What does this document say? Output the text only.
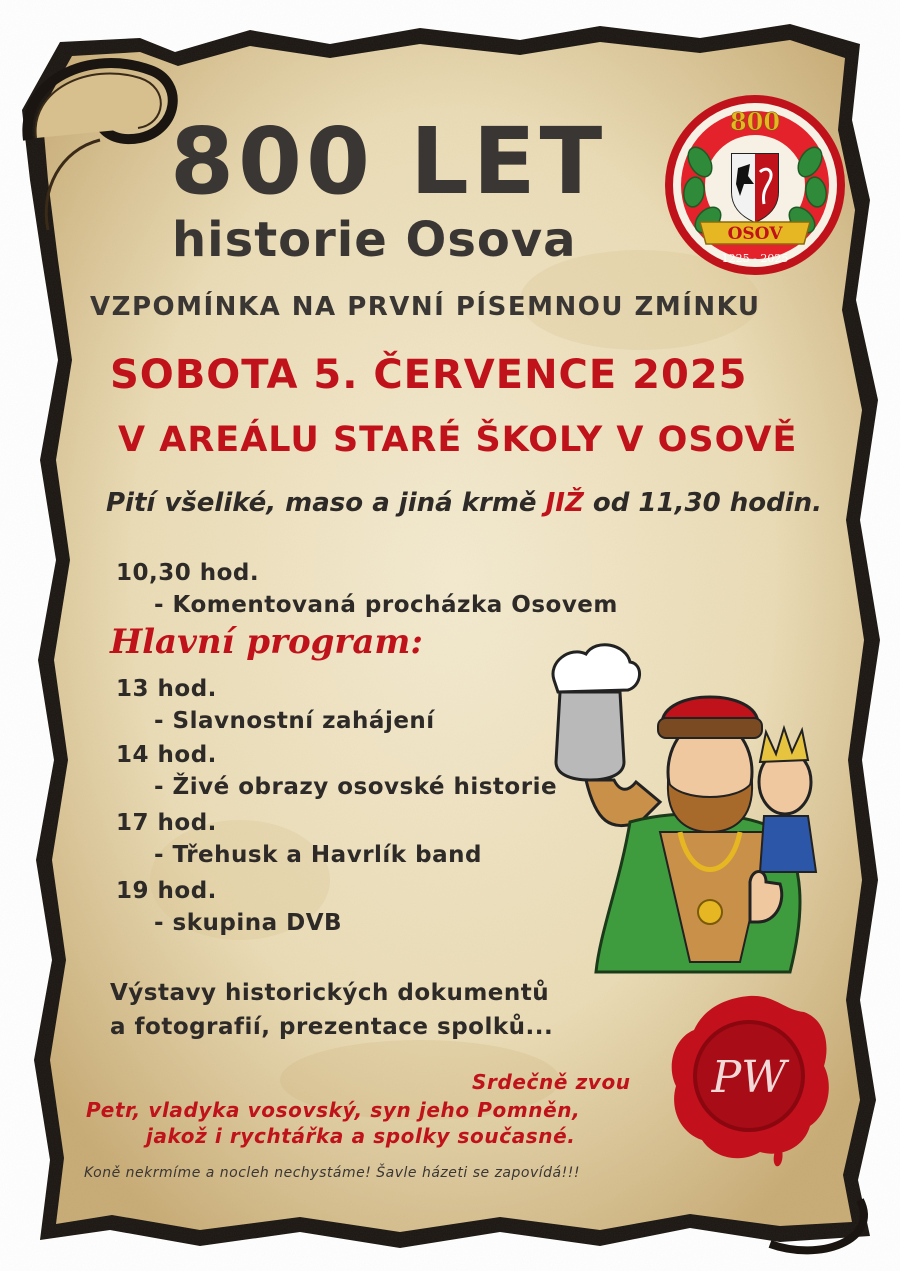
OSOV
800
1225 - 2025
800 LET
historie Osova
VZPOMÍNKA NA PRVNÍ PÍSEMNOU ZMÍNKU
SOBOTA 5. ČERVENCE 2025
V AREÁLU STARÉ ŠKOLY V OSOVĚ
Pití všeliké, maso a jiná krmě JIŽ od 11,30 hodin.
10,30 hod.
- Komentovaná procházka Osovem
Hlavní program:
13 hod.
- Slavnostní zahájení
14 hod.
- Živé obrazy osovské historie
17 hod.
- Třehusk a Havrlík band
19 hod.
- skupina DVB
Výstavy historických dokumentů
a fotografií, prezentace spolků...
PW
Srdečně zvou
Petr, vladyka vosovský, syn jeho Pomněn,
jakož i rychtářka a spolky současné.
Koně nekrmíme a nocleh nechystáme! Šavle házeti se zapovídá!!!
